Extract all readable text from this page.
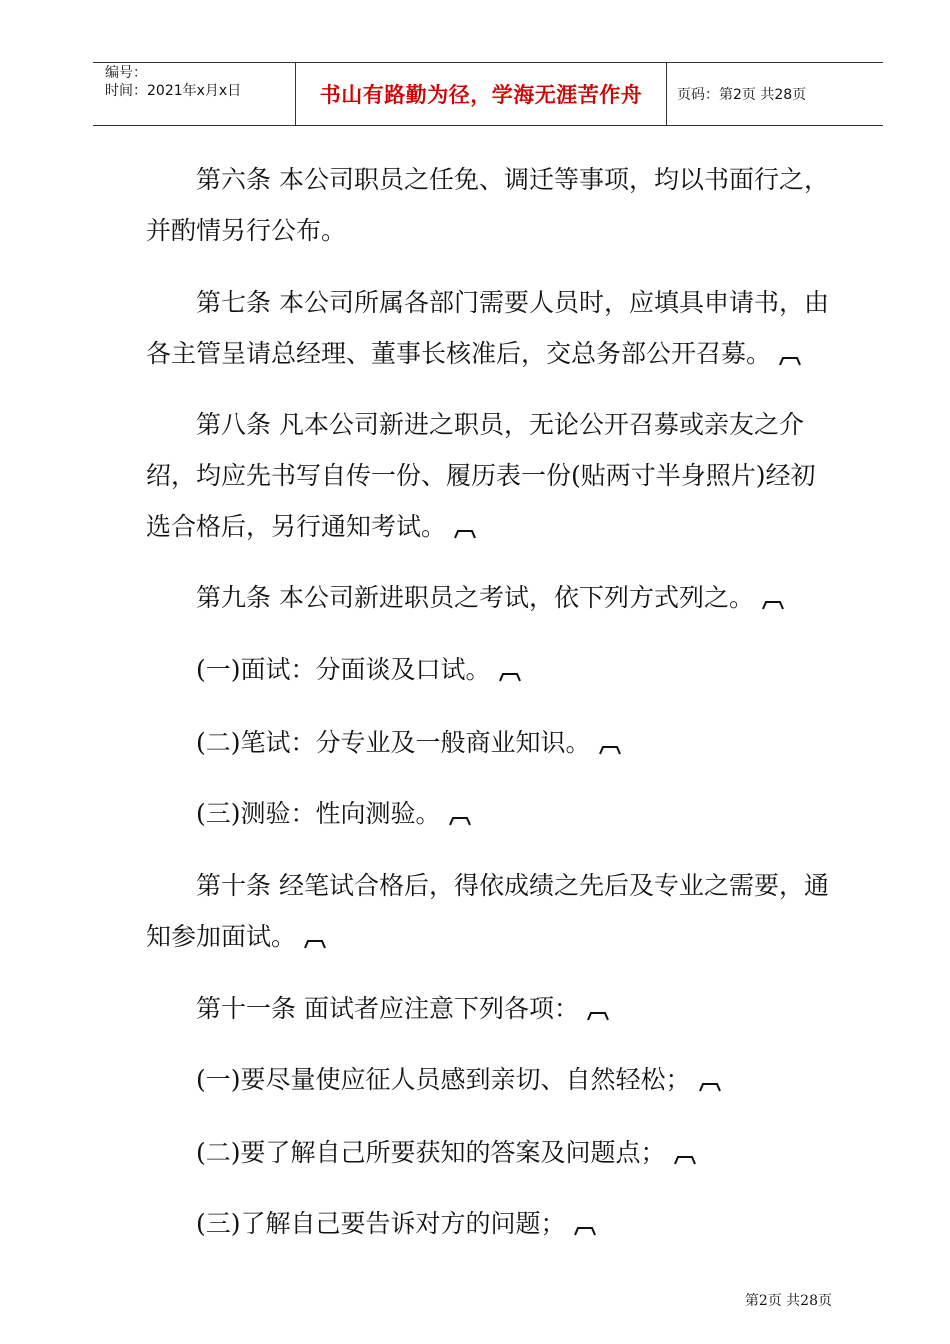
编号：
时间：2021年x月x日	书山有路勤为径，学海无涯苦作舟 页码：第2页 共28页
第六条 本公司职员之任免、调迁等事项，均以书面行之，
并酌情另行公布。
第七条 本公司所属各部门需要人员时，应填具申请书，由
各主管呈请总经理、董事长核准后，交总务部公开召募。
第八条 凡本公司新进之职员，无论公开召募或亲友之介
绍，均应先书写自传一份、履历表一份(贴两寸半身照片)经初
选合格后，另行通知考试。
第九条 本公司新进职员之考试，依下列方式列之。
(一)面试：分面谈及口试。
(二)笔试：分专业及一般商业知识。
(三)测验：性向测验。
第十条 经笔试合格后，得依成绩之先后及专业之需要，通
知参加面试。
第十一条 面试者应注意下列各项：
(一)要尽量使应征人员感到亲切、自然轻松；
(二)要了解自己所要获知的答案及问题点；
(三)了解自己要告诉对方的问题；
第2页 共28页
